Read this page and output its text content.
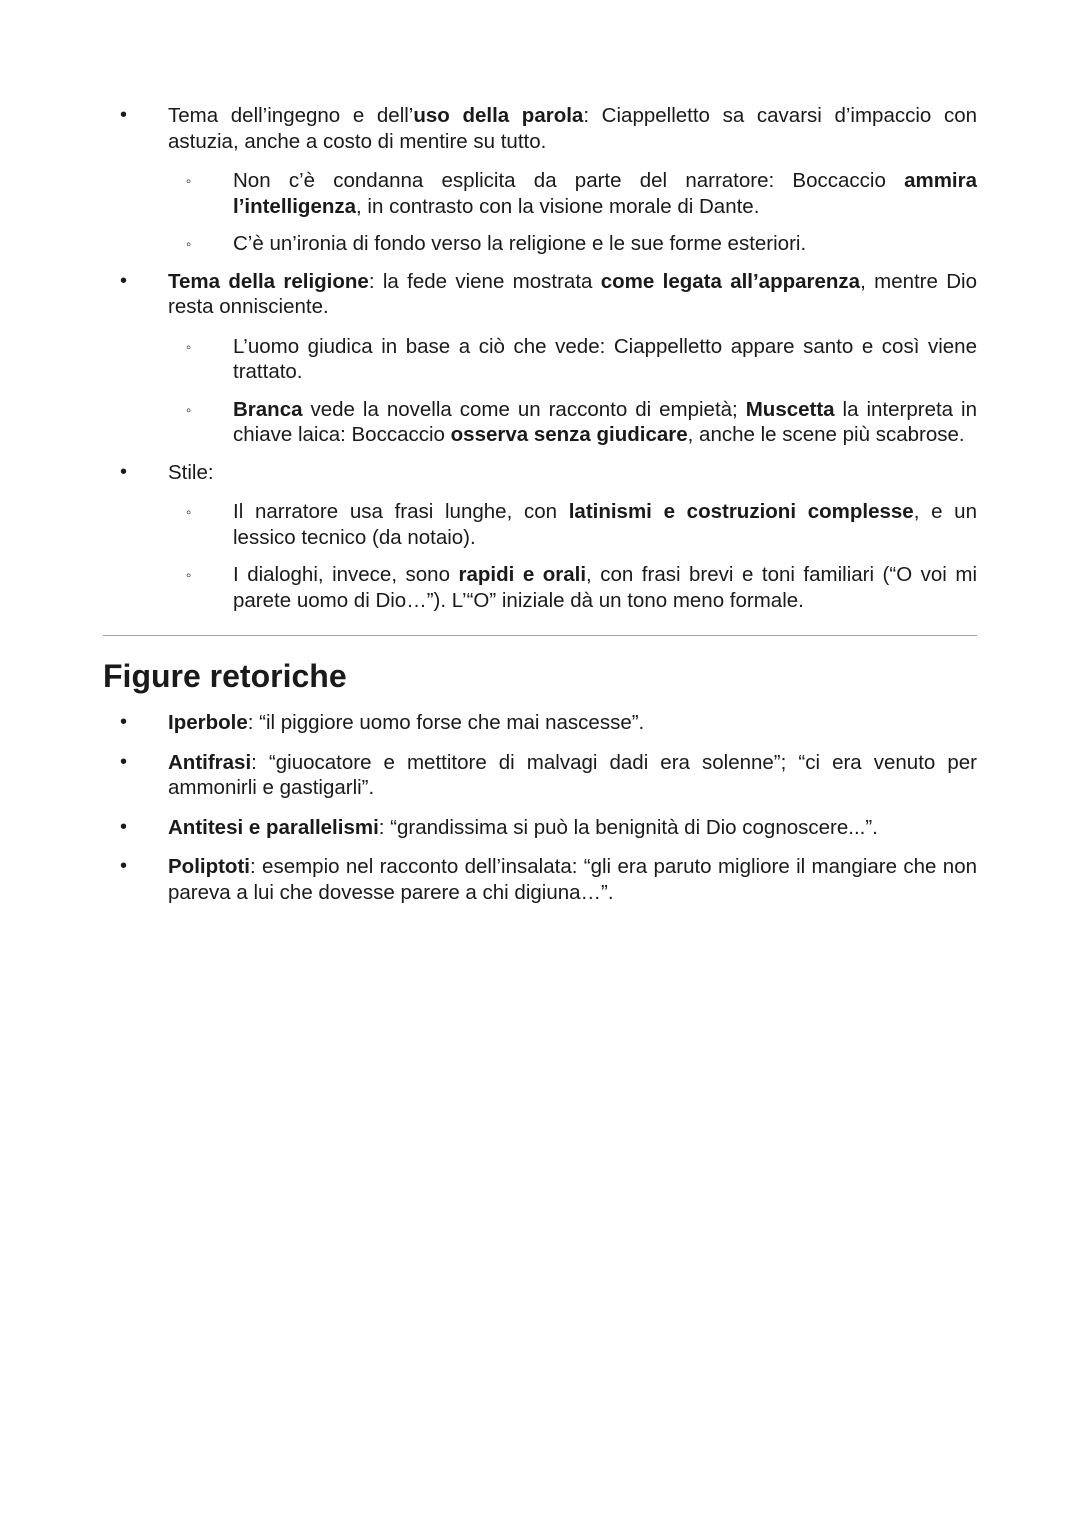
• Tema dell’ingegno e dell’uso della parola: Ciappelletto sa cavarsi d’impaccio con astuzia, anche a costo di mentire su tutto.
◦ Non c’è condanna esplicita da parte del narratore: Boccaccio ammira l’intelligenza, in contrasto con la visione morale di Dante.
◦ C’è un’ironia di fondo verso la religione e le sue forme esteriori.
• Tema della religione: la fede viene mostrata come legata all’apparenza, mentre Dio resta onnisciente.
◦ L’uomo giudica in base a ciò che vede: Ciappelletto appare santo e così viene trattato.
◦ Branca vede la novella come un racconto di empietà; Muscetta la interpreta in chiave laica: Boccaccio osserva senza giudicare, anche le scene più scabrose.
• Stile:
◦ Il narratore usa frasi lunghe, con latinismi e costruzioni complesse, e un lessico tecnico (da notaio).
◦ I dialoghi, invece, sono rapidi e orali, con frasi brevi e toni familiari (“O voi mi parete uomo di Dio…”). L’“O” iniziale dà un tono meno formale.
Figure retoriche
• Iperbole: “il piggiore uomo forse che mai nascesse”.
• Antifrasi: “giuocatore e mettitore di malvagi dadi era solenne”; “ci era venuto per ammonirli e gastigarli”.
• Antitesi e parallelismi: “grandissima si può la benignità di Dio cognoscere...”.
• Poliptoti: esempio nel racconto dell’insalata: “gli era paruto migliore il mangiare che non pareva a lui che dovesse parere a chi digiuna…”.
